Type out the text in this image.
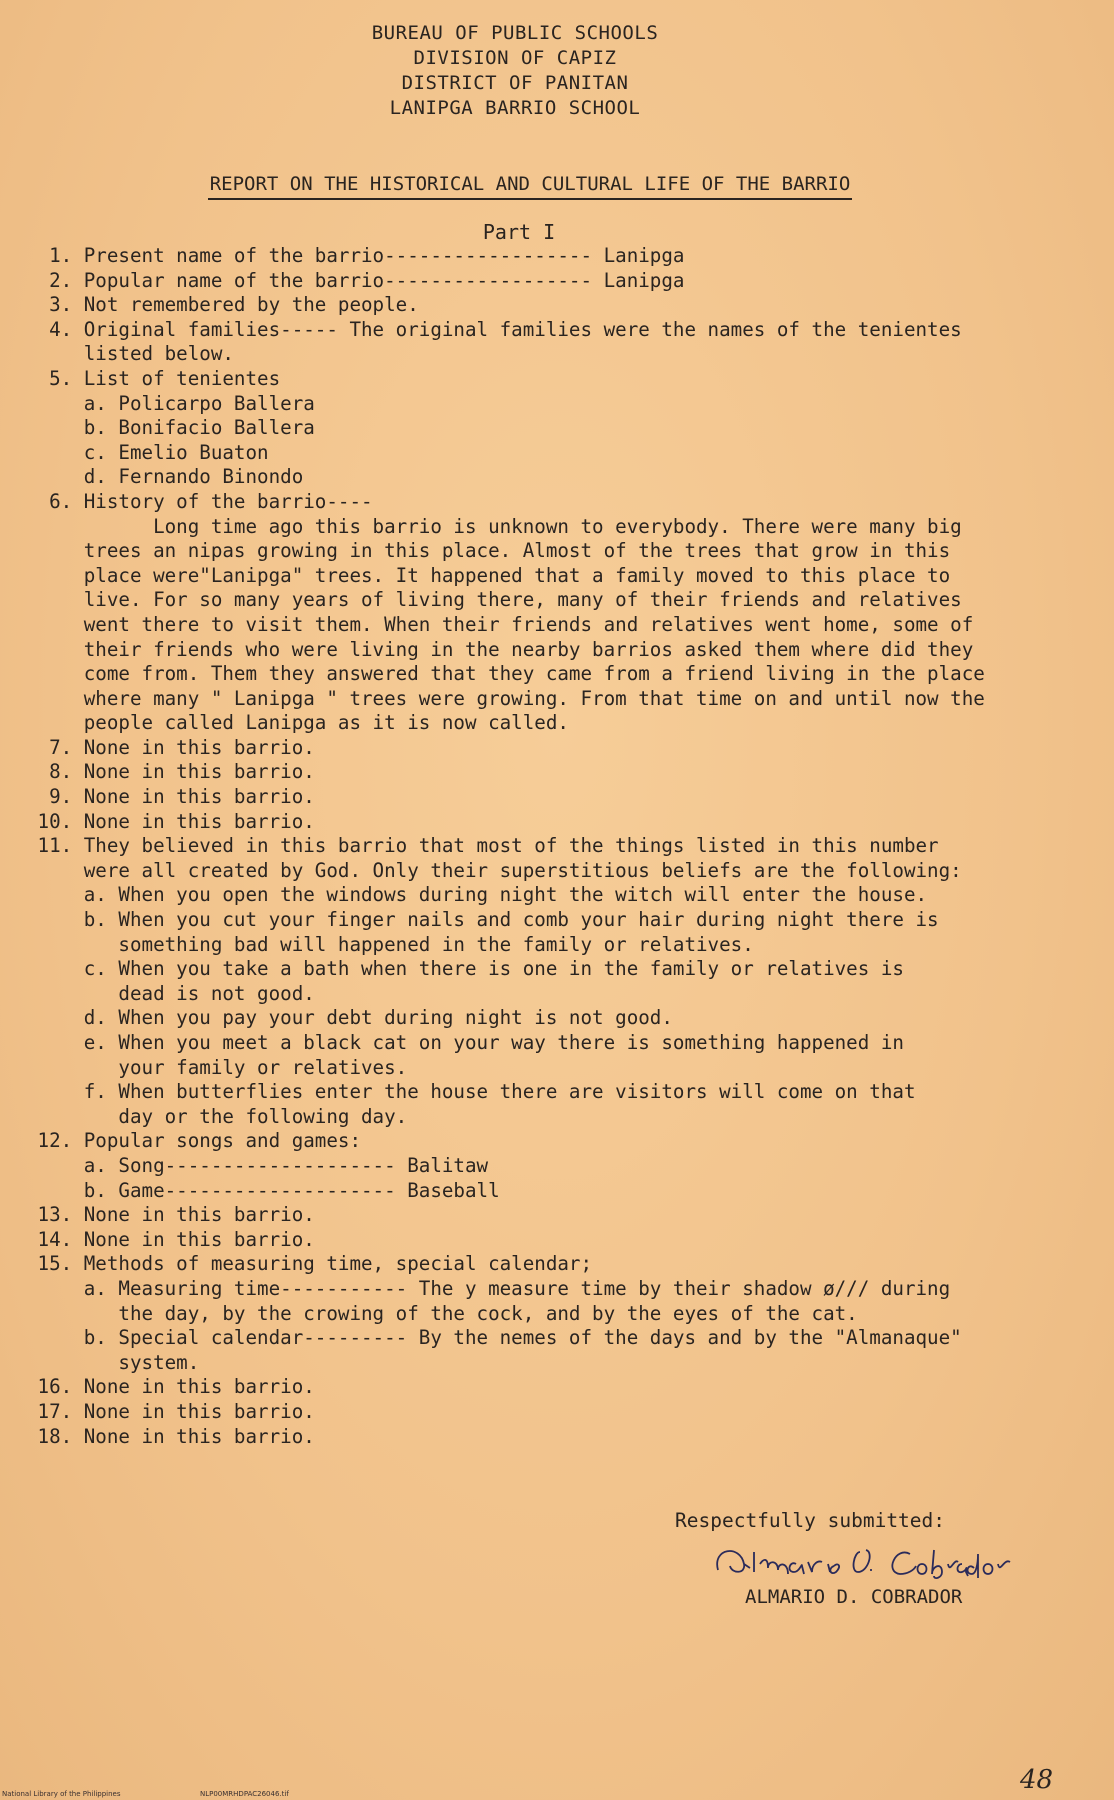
BUREAU OF PUBLIC SCHOOLS
DIVISION OF CAPIZ
DISTRICT OF PANITAN
LANIPGA BARRIO SCHOOL
REPORT ON THE HISTORICAL AND CULTURAL LIFE OF THE BARRIO
Part I
1. Present name of the barrio------------------ Lanipga
2. Popular name of the barrio------------------ Lanipga
3. Not remembered by the people.
4. Original families----- The original families were the names of the tenientes
listed below.
5. List of tenientes
a. Policarpo Ballera
b. Bonifacio Ballera
c. Emelio Buaton
d. Fernando Binondo
6. History of the barrio----
Long time ago this barrio is unknown to everybody. There were many big
trees an nipas growing in this place. Almost of the trees that grow in this
place were"Lanipga" trees. It happened that a family moved to this place to
live. For so many years of living there, many of their friends and relatives
went there to visit them. When their friends and relatives went home, some of
their friends who were living in the nearby barrios asked them where did they
come from. Them they answered that they came from a friend living in the place
where many " Lanipga " trees were growing. From that time on and until now the
people called Lanipga as it is now called.
7. None in this barrio.
8. None in this barrio.
9. None in this barrio.
10. None in this barrio.
11. They believed in this barrio that most of the things listed in this number
were all created by God. Only their superstitious beliefs are the following:
a. When you open the windows during night the witch will enter the house.
b. When you cut your finger nails and comb your hair during night there is
something bad will happened in the family or relatives.
c. When you take a bath when there is one in the family or relatives is
dead is not good.
d. When you pay your debt during night is not good.
e. When you meet a black cat on your way there is something happened in
your family or relatives.
f. When butterflies enter the house there are visitors will come on that
day or the following day.
12. Popular songs and games:
a. Song-------------------- Balitaw
b. Game-------------------- Baseball
13. None in this barrio.
14. None in this barrio.
15. Methods of measuring time, special calendar;
a. Measuring time----------- The y measure time by their shadow ø/// during
the day, by the crowing of the cock, and by the eyes of the cat.
b. Special calendar--------- By the nemes of the days and by the "Almanaque"
system.
16. None in this barrio.
17. None in this barrio.
18. None in this barrio.
Respectfully submitted:
ALMARIO D. COBRADOR
National Library of the Philippines	NLP00MRHDPAC26046.tif	48
